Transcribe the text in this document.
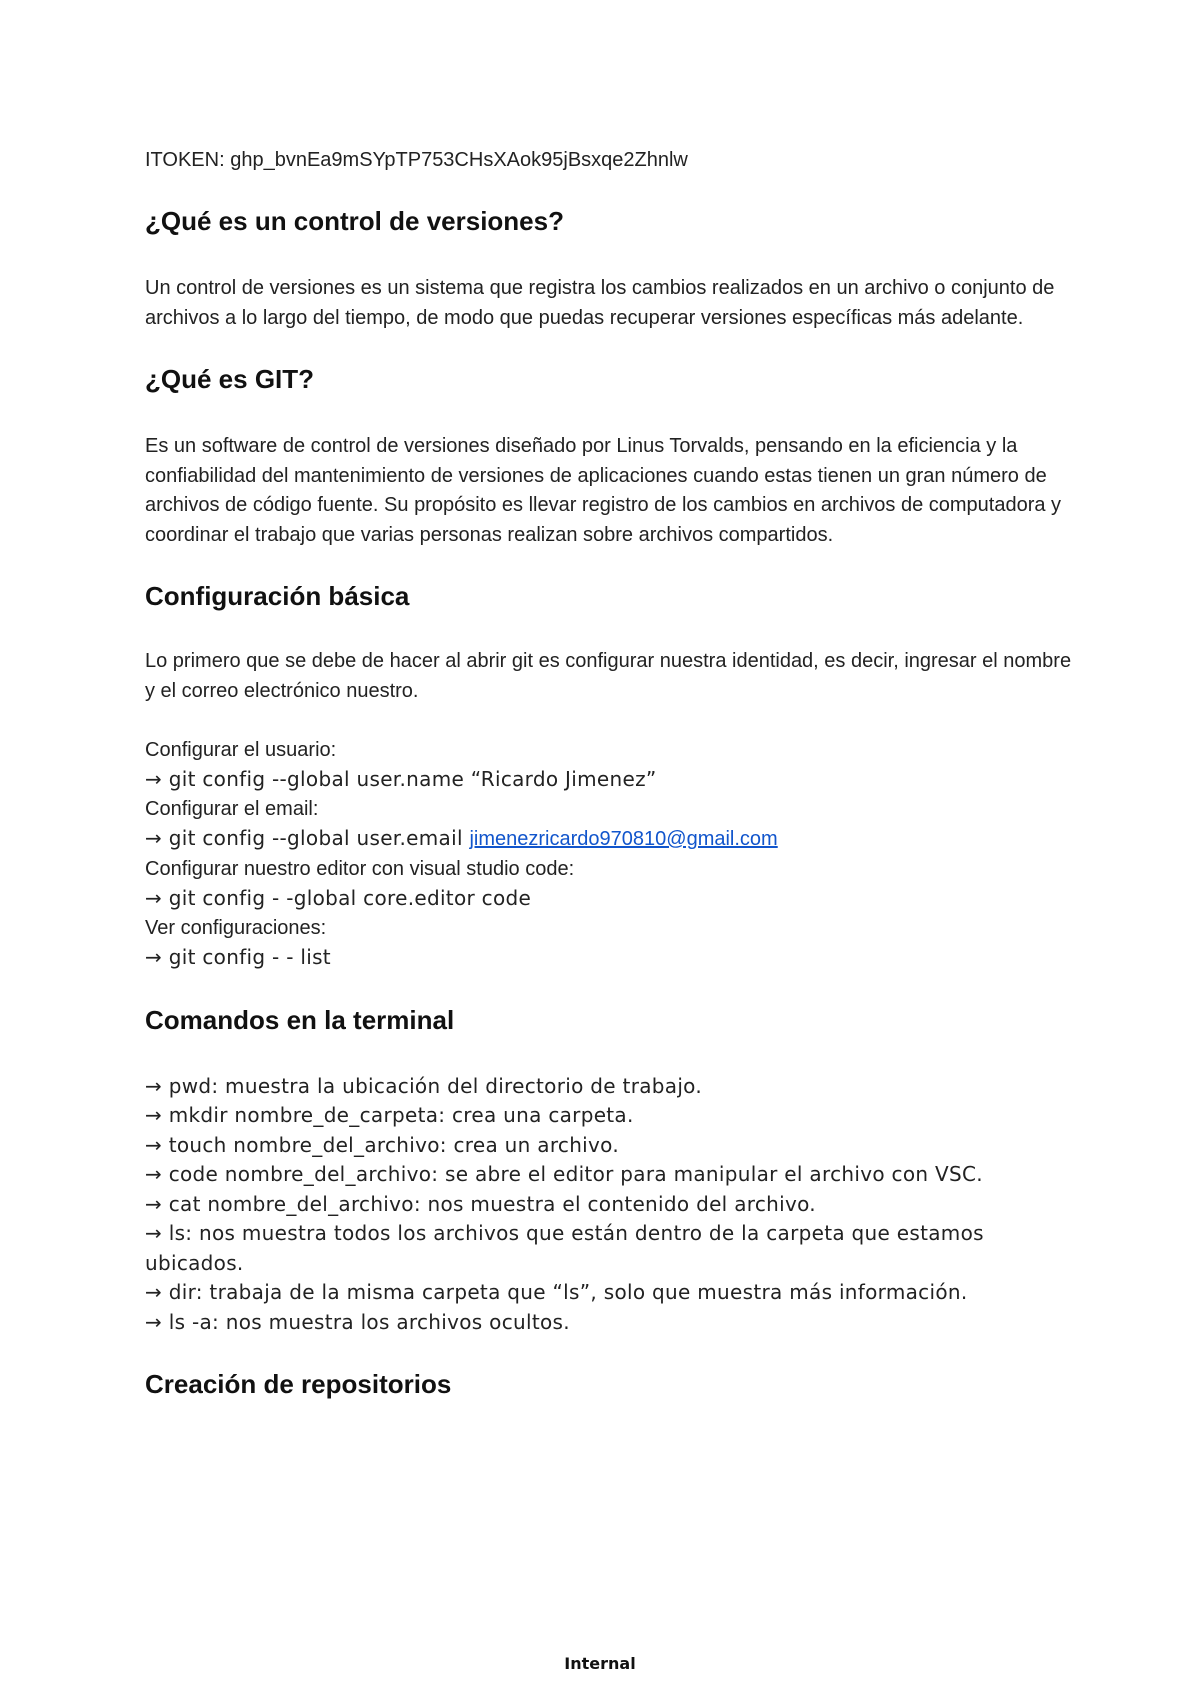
ITOKEN: 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

¿Qué es un control de versiones?

Un control de versiones es un sistema que registra los cambios realizados en un archivo o conjunto de archivos a lo largo del tiempo, de modo que puedas recuperar versiones específicas más adelante.

¿Qué es GIT?

Es un software de control de versiones diseñado por Linus Torvalds, pensando en la eficiencia y la confiabilidad del mantenimiento de versiones de aplicaciones cuando estas tienen un gran número de archivos de código fuente. Su propósito es llevar registro de los cambios en archivos de computadora y coordinar el trabajo que varias personas realizan sobre archivos compartidos.

Configuración básica

Lo primero que se debe de hacer al abrir git es configurar nuestra identidad, es decir, ingresar el nombre y el correo electrónico nuestro.

Configurar el usuario:

→ git config --global user.name “Ricardo Jimenez”

Configurar el email:

→ git config --global user.email jimenezricardo970810@gmail.com

Configurar nuestro editor con visual studio code:

→ git config - -global core.editor code

Ver configuraciones:

→ git config - - list

Comandos en la terminal

→ pwd: muestra la ubicación del directorio de trabajo.

→ mkdir nombre_de_carpeta: crea una carpeta.

→ touch nombre_del_archivo: crea un archivo.

→ code nombre_del_archivo: se abre el editor para manipular el archivo con VSC.

→ cat nombre_del_archivo: nos muestra el contenido del archivo.

→ ls: nos muestra todos los archivos que están dentro de la carpeta que estamos ubicados.

→ dir: trabaja de la misma carpeta que “ls”, solo que muestra más información.

→ ls -a: nos muestra los archivos ocultos.

Creación de repositorios
Internal
